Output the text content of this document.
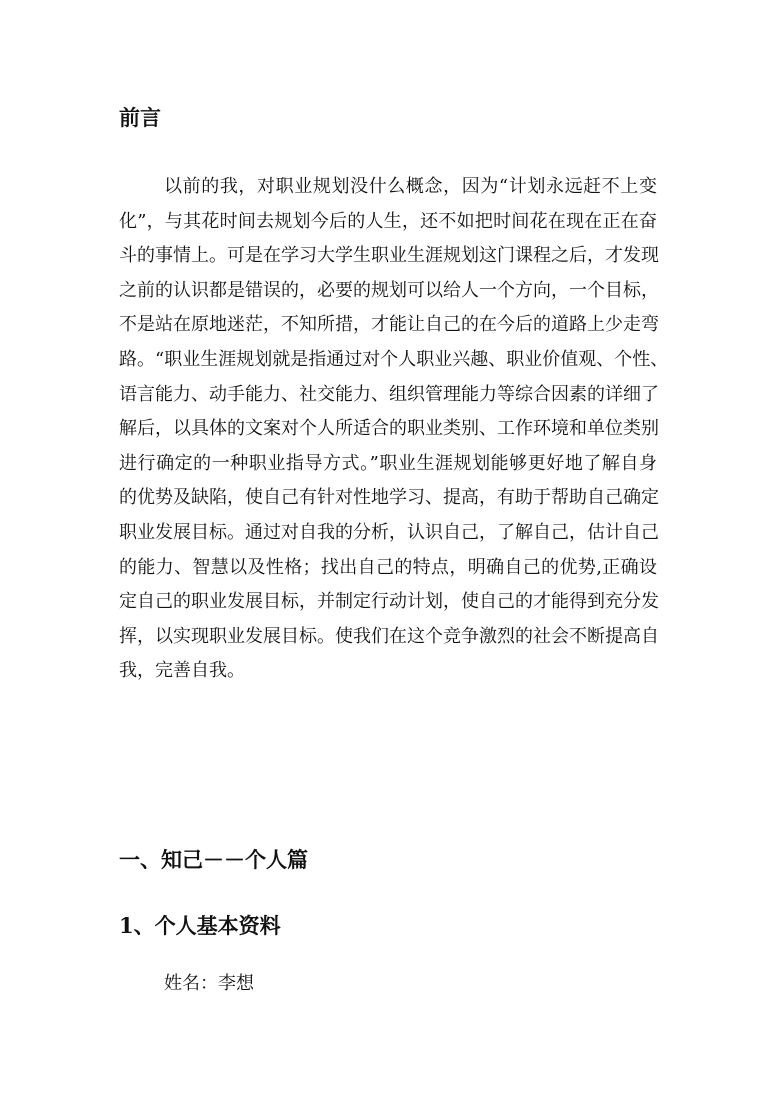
前言
以前的我，对职业规划没什么概念，因为“计划永远赶不上变
化”，与其花时间去规划今后的人生，还不如把时间花在现在正在奋
斗的事情上。可是在学习大学生职业生涯规划这门课程之后，才发现
之前的认识都是错误的，必要的规划可以给人一个方向，一个目标，
不是站在原地迷茫，不知所措，才能让自己的在今后的道路上少走弯
路。“职业生涯规划就是指通过对个人职业兴趣、职业价值观、个性、
语言能力、动手能力、社交能力、组织管理能力等综合因素的详细了
解后，以具体的文案对个人所适合的职业类别、工作环境和单位类别
进行确定的一种职业指导方式。”职业生涯规划能够更好地了解自身
的优势及缺陷，使自己有针对性地学习、提高，有助于帮助自己确定
职业发展目标。通过对自我的分析，认识自己，了解自己，估计自己
的能力、智慧以及性格；找出自己的特点，明确自己的优势,正确设
定自己的职业发展目标，并制定行动计划，使自己的才能得到充分发
挥，以实现职业发展目标。使我们在这个竞争激烈的社会不断提高自
我，完善自我。
一、知己－－个人篇
1、个人基本资料

姓名：李想
